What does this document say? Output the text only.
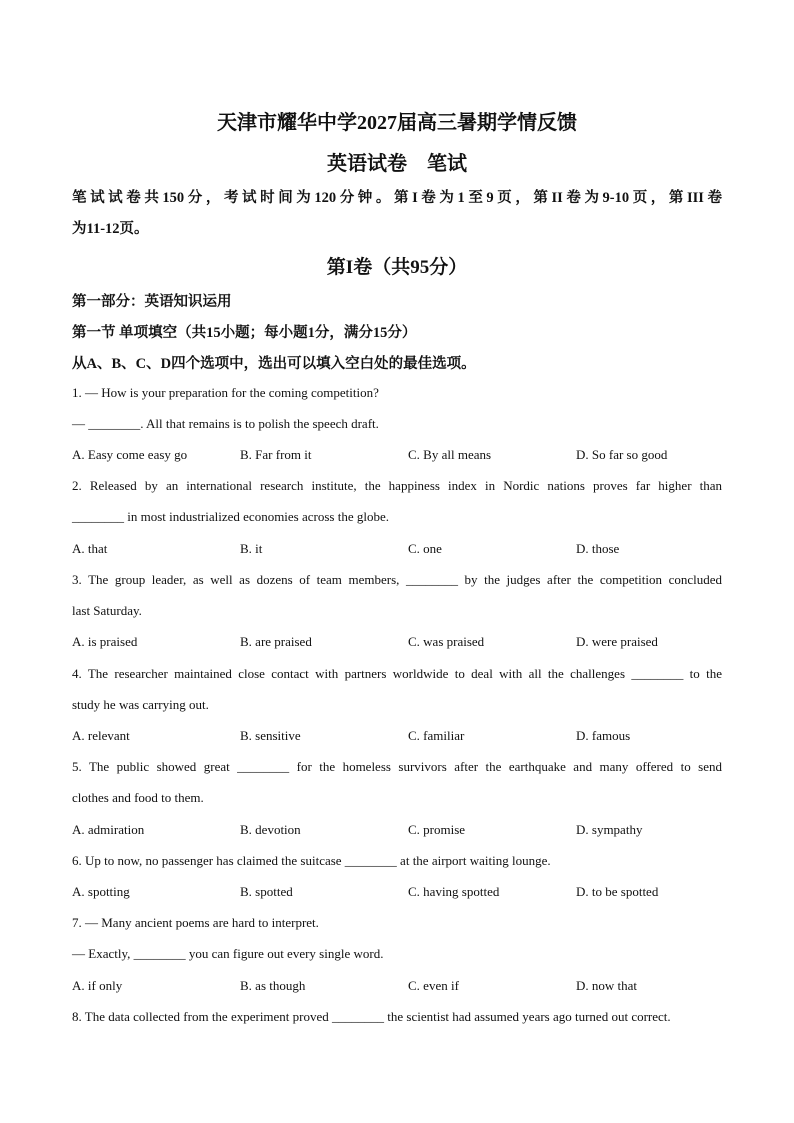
天津市耀华中学2027届高三暑期学情反馈
英语试卷　笔试
笔试试卷共150分，考试时间为120分钟。第I卷为1至9页，第II卷为9-10页，第III卷
为11-12页。
第I卷（共95分）
第一部分：英语知识运用
第一节 单项填空（共15小题；每小题1分，满分15分）
从A、B、C、D四个选项中，选出可以填入空白处的最佳选项。
1. — How is your preparation for the coming competition?
— ________. All that remains is to polish the speech draft.
A. Easy come easy go	B. Far from it	C. By all means	D. So far so good
2. Released by an international research institute, the happiness index in Nordic nations proves far higher than
________ in most industrialized economies across the globe.
A. that	B. it	C. one	D. those
3. The group leader, as well as dozens of team members, ________ by the judges after the competition concluded
last Saturday.
A. is praised	B. are praised	C. was praised	D. were praised
4. The researcher maintained close contact with partners worldwide to deal with all the challenges ________ to the
study he was carrying out.
A. relevant	B. sensitive	C. familiar	D. famous
5. The public showed great ________ for the homeless survivors after the earthquake and many offered to send
clothes and food to them.
A. admiration	B. devotion	C. promise	D. sympathy
6. Up to now, no passenger has claimed the suitcase ________ at the airport waiting lounge.
A. spotting	B. spotted	C. having spotted	D. to be spotted
7. — Many ancient poems are hard to interpret.
— Exactly, ________ you can figure out every single word.
A. if only	B. as though	C. even if	D. now that
8. The data collected from the experiment proved ________ the scientist had assumed years ago turned out correct.
